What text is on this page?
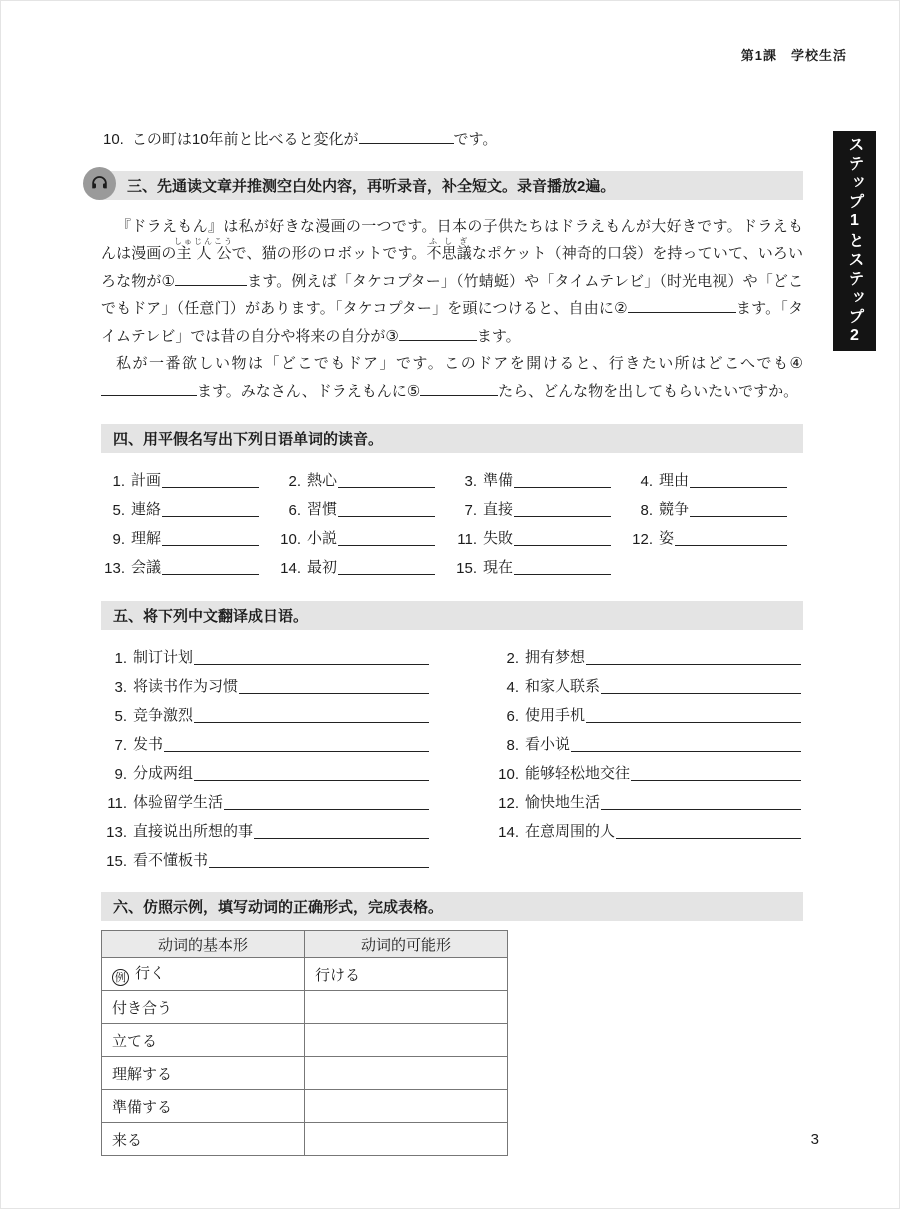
第1課　学校生活
ステップ1とステップ2
10. この町は10年前と比べると変化が	です。
三、先通读文章并推测空白处内容，再听录音，补全短文。录音播放2遍。

『ドラえもん』は私が好きな漫画の一つです。日本の子供たちはドラえもんが大好きです。ドラえもんは漫画の主人公しゅじんこうで、猫の形のロボットです。不思議ふしぎなポケット（神奇的口袋）を持っていて、いろいろな物が①	ます。例えば「タケコプター」（竹蜻蜓）や「タイムテレビ」（时光电视）や「どこでもドア」（任意门）があります。「タケコプター」を頭につけると、自由に②	ます。「タイムテレビ」では昔の自分や将来の自分が③	ます。

私が一番欲しい物は「どこでもドア」です。このドアを開けると、行きたい所はどこへでも④ます。みなさん、ドラえもんに⑤	たら、どんな物を出してもらいたいですか。

四、用平假名写出下列日语单词的读音。
1. 計画	2. 熱心	3. 準備	4. 理由
5. 連絡	6. 習慣	7. 直接	8. 競争
9. 理解	10. 小説	11. 失敗	12. 姿
13. 会議	14. 最初	15. 現在
五、将下列中文翻译成日语。
1. 制订计划	2. 拥有梦想
3. 将读书作为习惯	4. 和家人联系
5. 竞争激烈	6. 使用手机
7. 发书	8. 看小说
9. 分成两组	10. 能够轻松地交往
11. 体验留学生活	12. 愉快地生活
13. 直接说出所想的事	14. 在意周围的人
15. 看不懂板书
六、仿照示例，填写动词的正确形式，完成表格。
动词的基本形	动词的可能形
例 行く	行ける
付き合う	
立てる	
理解する	
準備する	
来る		3
